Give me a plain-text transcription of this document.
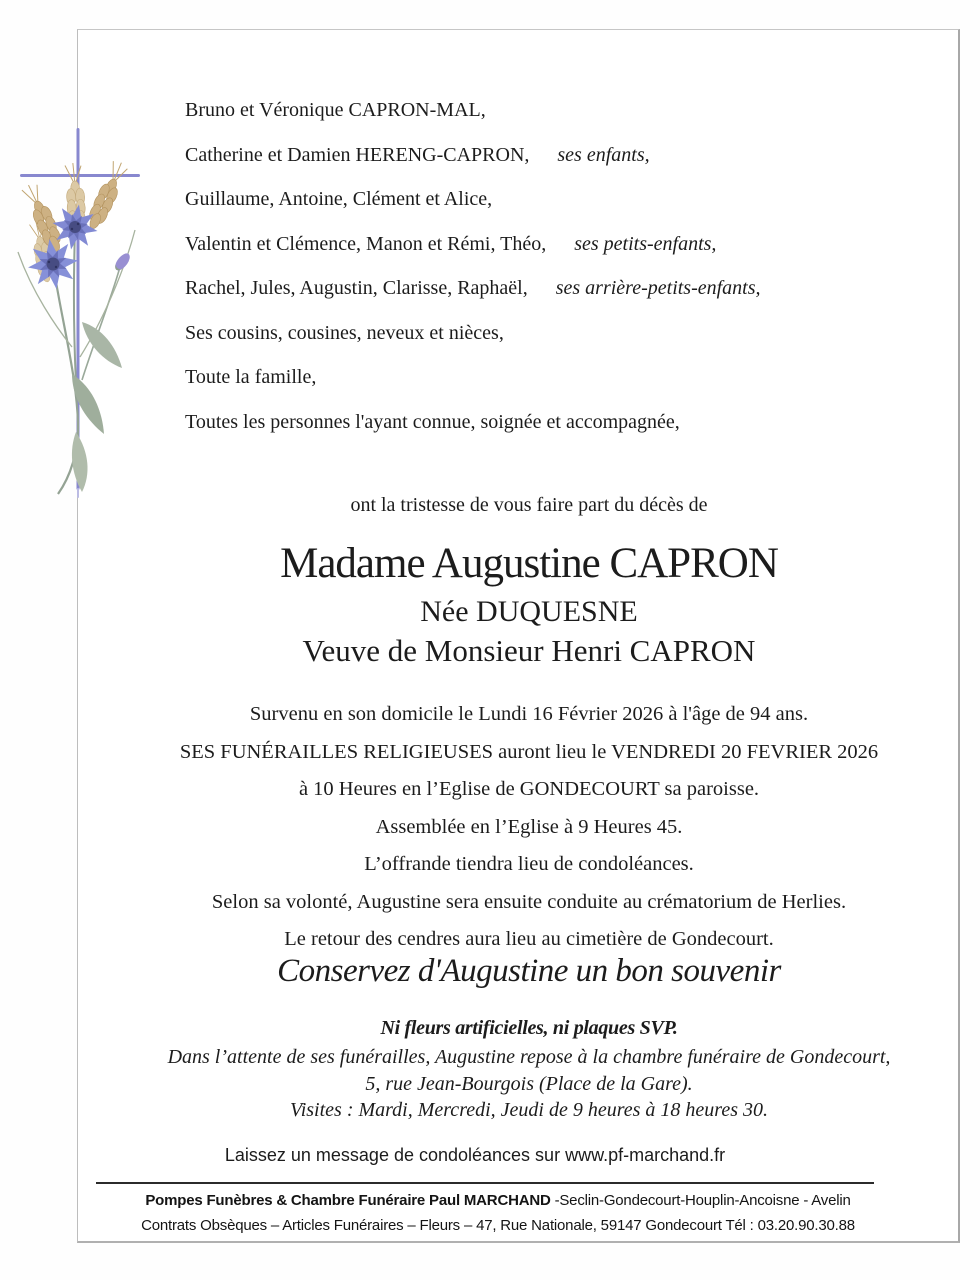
Bruno et Véronique CAPRON-MAL,
Catherine et Damien HERENG-CAPRON, ses enfants,
Guillaume, Antoine, Clément et Alice,
Valentin et Clémence, Manon et Rémi, Théo, ses petits-enfants,
Rachel, Jules, Augustin, Clarisse, Raphaël, ses arrière-petits-enfants,
Ses cousins, cousines, neveux et nièces,
Toute la famille,
Toutes les personnes l'ayant connue, soignée et accompagnée,
ont la tristesse de vous faire part du décès de
Madame Augustine CAPRON
Née DUQUESNE
Veuve de Monsieur Henri CAPRON
Survenu en son domicile le Lundi 16 Février 2026 à l'âge de 94 ans.
SES FUNÉRAILLES RELIGIEUSES auront lieu le VENDREDI 20 FEVRIER 2026
à 10 Heures en l’Eglise de GONDECOURT sa paroisse.
Assemblée en l’Eglise à 9 Heures 45.
L’offrande tiendra lieu de condoléances.
Selon sa volonté, Augustine sera ensuite conduite au crématorium de Herlies.
Le retour des cendres aura lieu au cimetière de Gondecourt.
Conservez d'Augustine un bon souvenir
Ni fleurs artificielles, ni plaques SVP.
Dans l’attente de ses funérailles, Augustine repose à la chambre funéraire de Gondecourt,
5, rue Jean-Bourgois (Place de la Gare).
Visites : Mardi, Mercredi, Jeudi de 9 heures à 18 heures 30.
Laissez un message de condoléances sur www.pf-marchand.fr
Pompes Funèbres & Chambre Funéraire Paul MARCHAND -Seclin-Gondecourt-Houplin-Ancoisne - Avelin
Contrats Obsèques – Articles Funéraires – Fleurs – 47, Rue Nationale, 59147 Gondecourt Tél : 03.20.90.30.88
